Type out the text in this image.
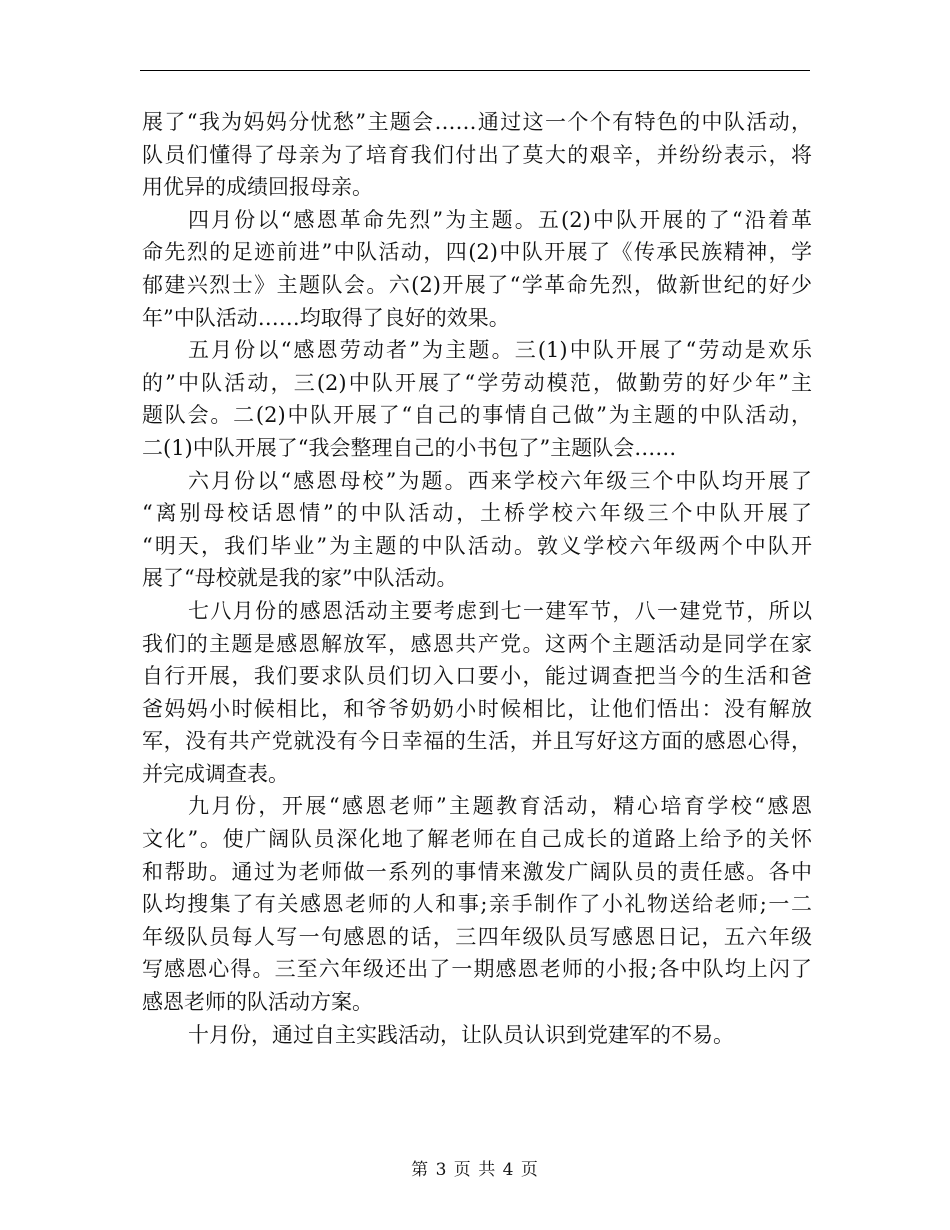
展了“我为妈妈分忧愁”主题会……通过这一个个有特色的中队活动，
队员们懂得了母亲为了培育我们付出了莫大的艰辛，并纷纷表示，将
用优异的成绩回报母亲。
四月份以“感恩革命先烈”为主题。五(2)中队开展的了“沿着革
命先烈的足迹前进”中队活动，四(2)中队开展了《传承民族精神，学
郁建兴烈士》主题队会。六(2)开展了“学革命先烈，做新世纪的好少
年”中队活动……均取得了良好的效果。
五月份以“感恩劳动者”为主题。三(1)中队开展了“劳动是欢乐
的”中队活动，三(2)中队开展了“学劳动模范，做勤劳的好少年”主
题队会。二(2)中队开展了“自己的事情自己做”为主题的中队活动，
二(1)中队开展了“我会整理自己的小书包了”主题队会……
六月份以“感恩母校”为题。西来学校六年级三个中队均开展了
“离别母校话恩情”的中队活动，土桥学校六年级三个中队开展了
“明天，我们毕业”为主题的中队活动。敦义学校六年级两个中队开
展了“母校就是我的家”中队活动。
七八月份的感恩活动主要考虑到七一建军节，八一建党节，所以
我们的主题是感恩解放军，感恩共产党。这两个主题活动是同学在家
自行开展，我们要求队员们切入口要小，能过调查把当今的生活和爸
爸妈妈小时候相比，和爷爷奶奶小时候相比，让他们悟出：没有解放
军，没有共产党就没有今日幸福的生活，并且写好这方面的感恩心得，
并完成调查表。
九月份，开展“感恩老师”主题教育活动，精心培育学校“感恩
文化”。使广阔队员深化地了解老师在自己成长的道路上给予的关怀
和帮助。通过为老师做一系列的事情来激发广阔队员的责任感。各中
队均搜集了有关感恩老师的人和事;亲手制作了小礼物送给老师;一二
年级队员每人写一句感恩的话，三四年级队员写感恩日记，五六年级
写感恩心得。三至六年级还出了一期感恩老师的小报;各中队均上闪了
感恩老师的队活动方案。
十月份，通过自主实践活动，让队员认识到党建军的不易。
第 3 页 共 4 页
